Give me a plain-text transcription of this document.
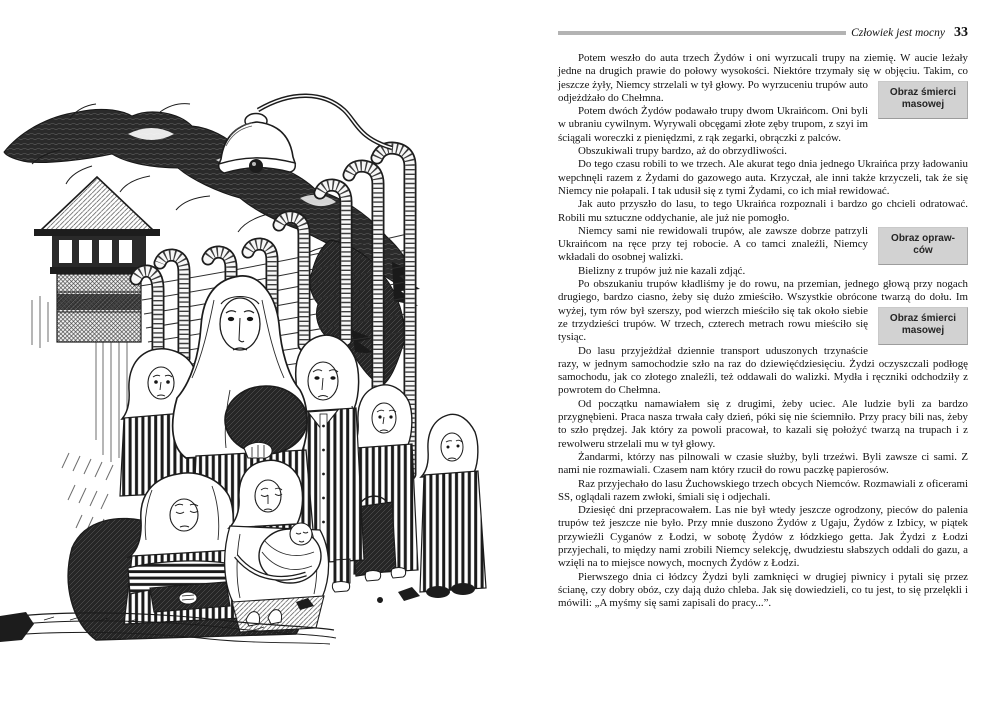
Człowiek jest mocny 33

Potem weszło do auta trzech Żydów i oni wyrzucali trupy na ziemię. W aucie leżały jedne na drugich prawie do połowy wysokości. Niektóre trzymały się w objęciu.
Obraz śmierci
masowej
Takim, co jeszcze żyły, Niemcy strzelali w tył głowy. Po wyrzuceniu trupów auto odjeżdżało do Chełmna.

Potem dwóch Żydów podawało trupy dwom Ukraińcom. Oni byli w ubraniu cywilnym. Wyrywali obcęgami złote zęby trupom, z szyi im ściągali woreczki z pieniędzmi, z rąk zegarki, obrączki z palców.

Obszukiwali trupy bardzo, aż do obrzydliwości.

Do tego czasu robili to we trzech. Ale akurat tego dnia jednego Ukraińca przy ładowaniu wepchnęli razem z Żydami do gazowego auta. Krzyczał, ale inni także krzyczeli, tak że się Niemcy nie połapali. I tak udusił się z tymi Żydami, co ich miał rewidować.

Jak auto przyszło do lasu, to tego Ukraińca rozpoznali i bardzo go chcieli odratować. Robili mu sztuczne oddychanie, ale już nie pomogło.

Obraz opraw-
ców
Niemcy sami nie rewidowali trupów, ale zawsze dobrze patrzyli Ukraińcom na ręce przy tej robocie. A co tamci znaleźli, Niemcy wkładali do osobnej walizki.

Bielizny z trupów już nie kazali zdjąć.

Po obszukaniu trupów kładliśmy je do rowu, na przemian, jednego głową przy nogach drugiego, bardzo ciasno, żeby się dużo zmieściło. Wszystkie obrócone twarzą
Obraz śmierci
masowej
do dołu. Im wyżej, tym rów był szerszy, pod wierzch mieściło się tak około siebie ze trzydzieści trupów. W trzech, czterech metrach rowu mieściło się tysiąc.

Do lasu przyjeżdżał dziennie transport uduszonych trzynaście razy, w jednym samochodzie szło na raz do dziewięćdziesięciu. Żydzi oczyszczali podłogę samochodu, jak co złotego znaleźli, też oddawali do walizki. Mydła i ręczniki odchodziły z powrotem do Chełmna.

Od początku namawiałem się z drugimi, żeby uciec. Ale ludzie byli za bardzo przygnębieni. Praca nasza trwała cały dzień, póki się nie ściemniło. Przy pracy bili nas, żeby to szło prędzej. Jak który za powoli pracował, to kazali się położyć twarzą na trupach i z rewolweru strzelali mu w tył głowy.

Żandarmi, którzy nas pilnowali w czasie służby, byli trzeźwi. Byli zawsze ci sami. Z nami nie rozmawiali. Czasem nam który rzucił do rowu paczkę papierosów.

Raz przyjechało do lasu Żuchowskiego trzech obcych Niemców. Rozmawiali z oficerami SS, oglądali razem zwłoki, śmiali się i odjechali.

Dziesięć dni przepracowałem. Las nie był wtedy jeszcze ogrodzony, pieców do palenia trupów też jeszcze nie było. Przy mnie duszono Żydów z Ugaju, Żydów z Izbicy, w piątek przywieźli Cyganów z Łodzi, w sobotę Żydów z łódzkiego getta. Jak Żydzi z Łodzi przyjechali, to między nami zrobili Niemcy selekcję, dwudziestu słabszych oddali do gazu, a wzięli na to miejsce nowych, mocnych Żydów z Łodzi.

Pierwszego dnia ci łódzcy Żydzi byli zamknięci w drugiej piwnicy i pytali się przez ścianę, czy dobry obóz, czy dają dużo chleba. Jak się dowiedzieli, co tu jest, to się przelękli i mówili: „A myśmy się sami zapisali do pracy...”.
